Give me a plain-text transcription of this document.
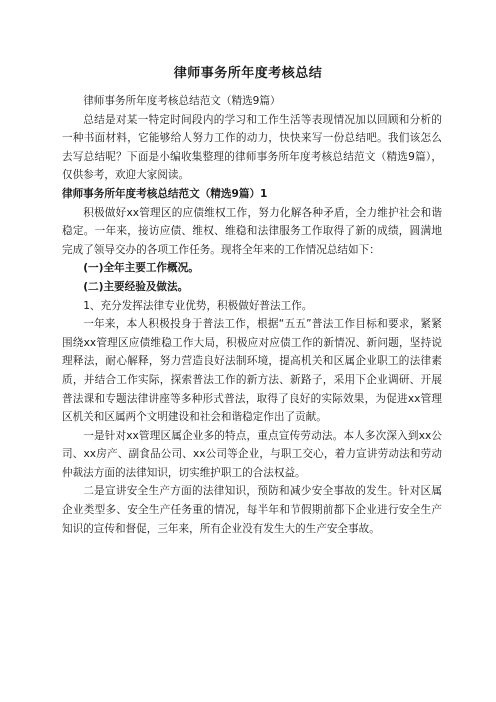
律师事务所年度考核总结

律师事务所年度考核总结范文（精选9篇）

总结是对某一特定时间段内的学习和工作生活等表现情况加以回顾和分析的一种书面材料，它能够给人努力工作的动力，快快来写一份总结吧。我们该怎么去写总结呢？下面是小编收集整理的律师事务所年度考核总结范文（精选9篇），仅供参考，欢迎大家阅读。

律师事务所年度考核总结范文（精选9篇）1

积极做好xx管理区的应债维权工作，努力化解各种矛盾，全力维护社会和谐稳定。一年来，接访应债、维权、维稳和法律服务工作取得了新的成绩，圆满地完成了领导交办的各项工作任务。现将全年来的工作情况总结如下：

(一)全年主要工作概况。

(二)主要经验及做法。

1、充分发挥法律专业优势，积极做好普法工作。

一年来，本人积极投身于普法工作，根据“五五”普法工作目标和要求，紧紧围绕xx管理区应债维稳工作大局，积极应对应债工作的新情况、新问题，坚持说理释法，耐心解释，努力营造良好法制环境，提高机关和区属企业职工的法律素质，并结合工作实际，探索普法工作的新方法、新路子，采用下企业调研、开展普法课和专题法律讲座等多种形式普法，取得了良好的实际效果，为促进xx管理区机关和区属两个文明建设和社会和谐稳定作出了贡献。

一是针对xx管理区属企业多的特点，重点宣传劳动法。本人多次深入到xx公司、xx房产、副食品公司、xx公司等企业，与职工交心，着力宣讲劳动法和劳动仲裁法方面的法律知识，切实维护职工的合法权益。

二是宣讲安全生产方面的法律知识，预防和减少安全事故的发生。针对区属企业类型多、安全生产任务重的情况，每半年和节假期前都下企业进行安全生产知识的宣传和督促，三年来，所有企业没有发生大的生产安全事故。
